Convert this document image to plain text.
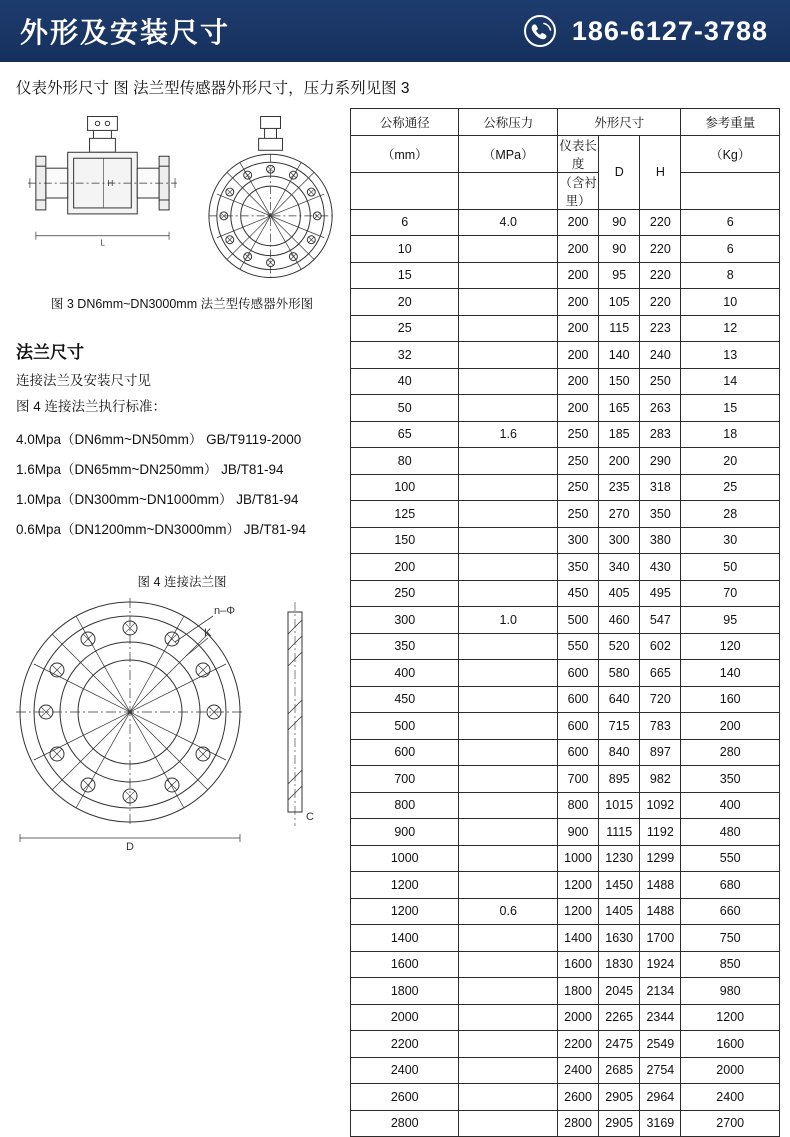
外形及安装尺寸	186-6127-3788
仪表外形尺寸 图 法兰型传感器外形尺寸，压力系列见图 3
H
L
图 3 DN6mm~DN3000mm 法兰型传感器外形图
法兰尺寸
连接法兰及安装尺寸见
图 4 连接法兰执行标准：
4.0Mpa（DN6mm~DN50mm） GB/T9119-2000
1.6Mpa（DN65mm~DN250mm） JB/T81-94
1.0Mpa（DN300mm~DN1000mm） JB/T81-94
0.6Mpa（DN1200mm~DN3000mm） JB/T81-94
图 4 连接法兰图
n–Φ
K
D
C
公称通径	公称压力	外形尺寸			参考重量
（mm）	（MPa）	仪表长度	D	H	（Kg）
		（含衬里）			
6	4.0	200	90	220	6
10		200	90	220	6
15		200	95	220	8
20		200	105	220	10
25		200	115	223	12
32		200	140	240	13
40		200	150	250	14
50		200	165	263	15
65	1.6	250	185	283	18
80		250	200	290	20
100		250	235	318	25
125		250	270	350	28
150		300	300	380	30
200		350	340	430	50
250		450	405	495	70
300	1.0	500	460	547	95
350		550	520	602	120
400		600	580	665	140
450		600	640	720	160
500		600	715	783	200
600		600	840	897	280
700		700	895	982	350
800		800	1015	1092	400
900		900	1115	1192	480
1000		1000	1230	1299	550
1200		1200	1450	1488	680
1200	0.6	1200	1405	1488	660
1400		1400	1630	1700	750
1600		1600	1830	1924	850
1800		1800	2045	2134	980
2000		2000	2265	2344	1200
2200		2200	2475	2549	1600
2400		2400	2685	2754	2000
2600		2600	2905	2964	2400
2800		2800	2905	3169	2700
